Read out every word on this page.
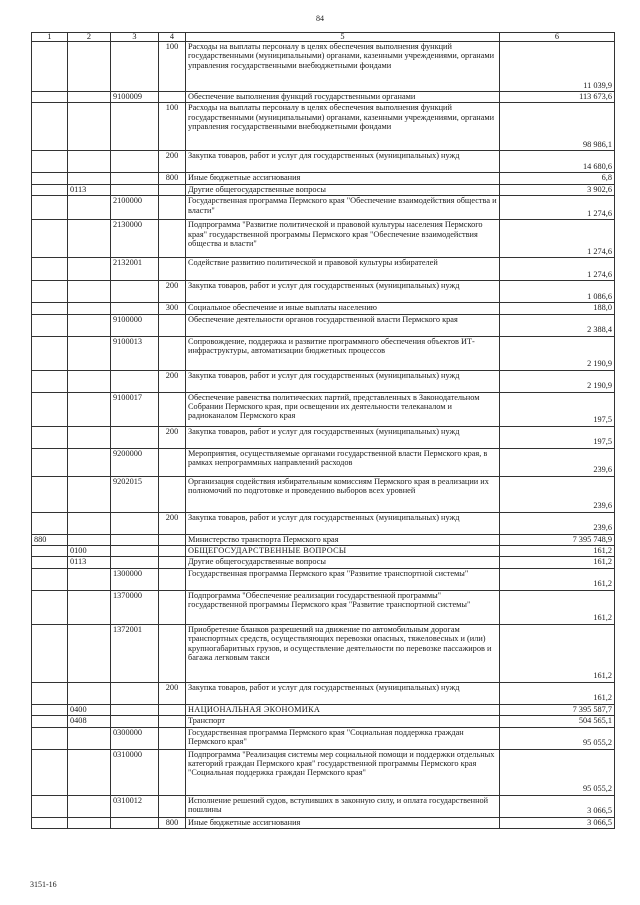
84
1	2	3	4	5	6
			100	Расходы на выплаты персоналу в целях обеспечения выполнения функций государственными (муниципальными) органами, казенными учреждениями, органами управления государственными внебюджетными фондами	11 039,9
		9100009		Обеспечение выполнения функций государственными органами	113 673,6
			100	Расходы на выплаты персоналу в целях обеспечения выполнения функций государственными (муниципальными) органами, казенными учреждениями, органами управления государственными внебюджетными фондами	98 986,1
			200	Закупка товаров, работ и услуг для государственных (муниципальных) нужд	14 680,6
			800	Иные бюджетные ассигнования	6,8
	0113			Другие общегосударственные вопросы	3 902,6
		2100000		Государственная программа Пермского края "Обеспечение взаимодействия общества и власти"	1 274,6
		2130000		Подпрограмма "Развитие политической и правовой культуры населения Пермского края" государственной программы Пермского края "Обеспечение взаимодействия общества и власти"	1 274,6
		2132001		Содействие развитию политической и правовой культуры избирателей	1 274,6
			200	Закупка товаров, работ и услуг для государственных (муниципальных) нужд	1 086,6
			300	Социальное обеспечение и иные выплаты населению	188,0
		9100000		Обеспечение деятельности органов государственной власти Пермского края	2 388,4
		9100013		Сопровождение, поддержка и развитие программного обеспечения объектов ИТ-инфраструктуры, автоматизации бюджетных процессов	2 190,9
			200	Закупка товаров, работ и услуг для государственных (муниципальных) нужд	2 190,9
		9100017		Обеспечение равенства политических партий, представленных в Законодательном Собрании Пермского края, при освещении их деятельности телеканалом и радиоканалом Пермского края	197,5
			200	Закупка товаров, работ и услуг для государственных (муниципальных) нужд	197,5
		9200000		Мероприятия, осуществляемые органами государственной власти Пермского края, в рамках непрограммных направлений расходов	239,6
		9202015		Организация содействия избирательным комиссиям Пермского края в реализации их полномочий по подготовке и проведению выборов всех уровней	239,6
			200	Закупка товаров, работ и услуг для государственных (муниципальных) нужд	239,6
880				Министерство транспорта Пермского края	7 395 748,9
	0100			ОБЩЕГОСУДАРСТВЕННЫЕ ВОПРОСЫ	161,2
	0113			Другие общегосударственные вопросы	161,2
		1300000		Государственная программа Пермского края "Развитие транспортной системы"	161,2
		1370000		Подпрограмма "Обеспечение реализации государственной программы" государственной программы Пермского края "Развитие транспортной системы"	161,2
		1372001		Приобретение бланков разрешений на движение по автомобильным дорогам транспортных средств, осуществляющих перевозки опасных, тяжеловесных и (или) крупногабаритных грузов, и осуществление деятельности по перевозке пассажиров и багажа легковым такси	161,2
			200	Закупка товаров, работ и услуг для государственных (муниципальных) нужд	161,2
	0400			НАЦИОНАЛЬНАЯ ЭКОНОМИКА	7 395 587,7
	0408			Транспорт	504 565,1
		0300000		Государственная программа Пермского края "Социальная поддержка граждан Пермского края"	95 055,2
		0310000		Подпрограмма "Реализация системы мер социальной помощи и поддержки отдельных категорий граждан Пермского края" государственной программы Пермского края "Социальная поддержка граждан Пермского края"	95 055,2
		0310012		Исполнение решений судов, вступивших в законную силу, и оплата государственной пошлины	3 066,5
			800	Иные бюджетные ассигнования	3 066,5
3151-16
